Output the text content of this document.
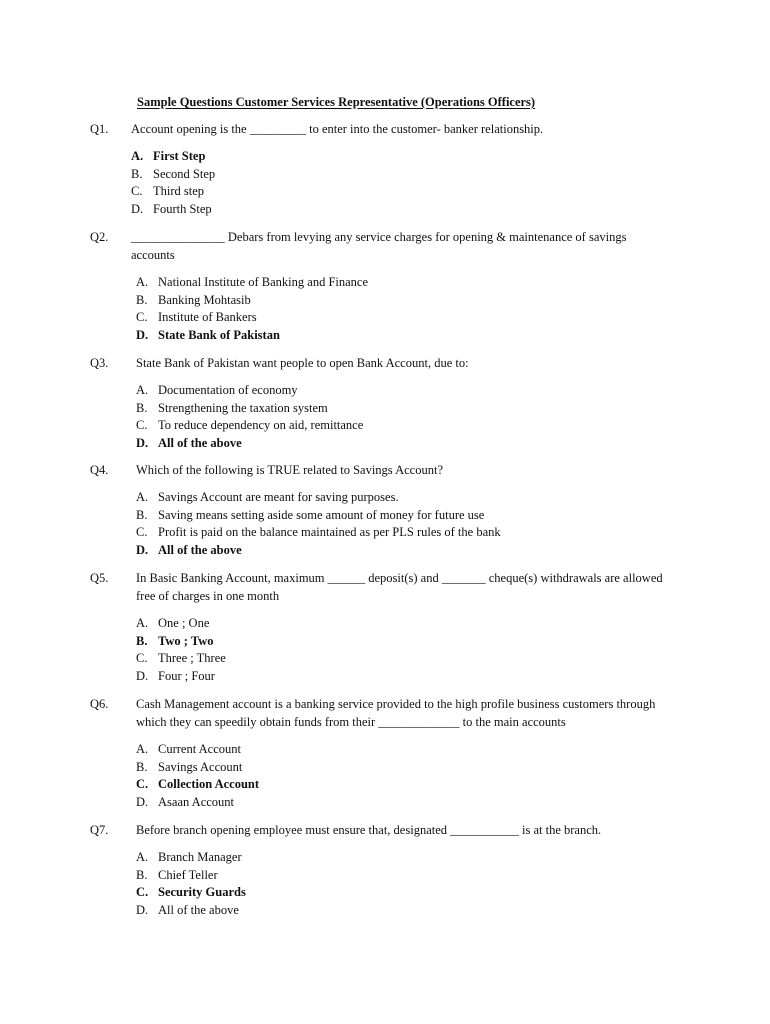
Sample Questions Customer Services Representative (Operations Officers)
Q1. Account opening is the _________ to enter into the customer- banker relationship.
A. First Step
B. Second Step
C. Third step
D. Fourth Step
Q2. _______________ Debars from levying any service charges for opening & maintenance of savings accounts
A. National Institute of Banking and Finance
B. Banking Mohtasib
C. Institute of Bankers
D. State Bank of Pakistan
Q3. State Bank of Pakistan want people to open Bank Account, due to:
A. Documentation of economy
B. Strengthening the taxation system
C. To reduce dependency on aid, remittance
D. All of the above
Q4. Which of the following is TRUE related to Savings Account?
A. Savings Account are meant for saving purposes.
B. Saving means setting aside some amount of money for future use
C. Profit is paid on the balance maintained as per PLS rules of the bank
D. All of the above
Q5. In Basic Banking Account, maximum ______ deposit(s) and _______ cheque(s) withdrawals are allowed free of charges in one month
A. One ; One
B. Two ; Two
C. Three ; Three
D. Four ; Four
Q6. Cash Management account is a banking service provided to the high profile business customers through which they can speedily obtain funds from their _____________ to the main accounts
A. Current Account
B. Savings Account
C. Collection Account
D. Asaan Account
Q7. Before branch opening employee must ensure that, designated ___________ is at the branch.
A. Branch Manager
B. Chief Teller
C. Security Guards
D. All of the above
